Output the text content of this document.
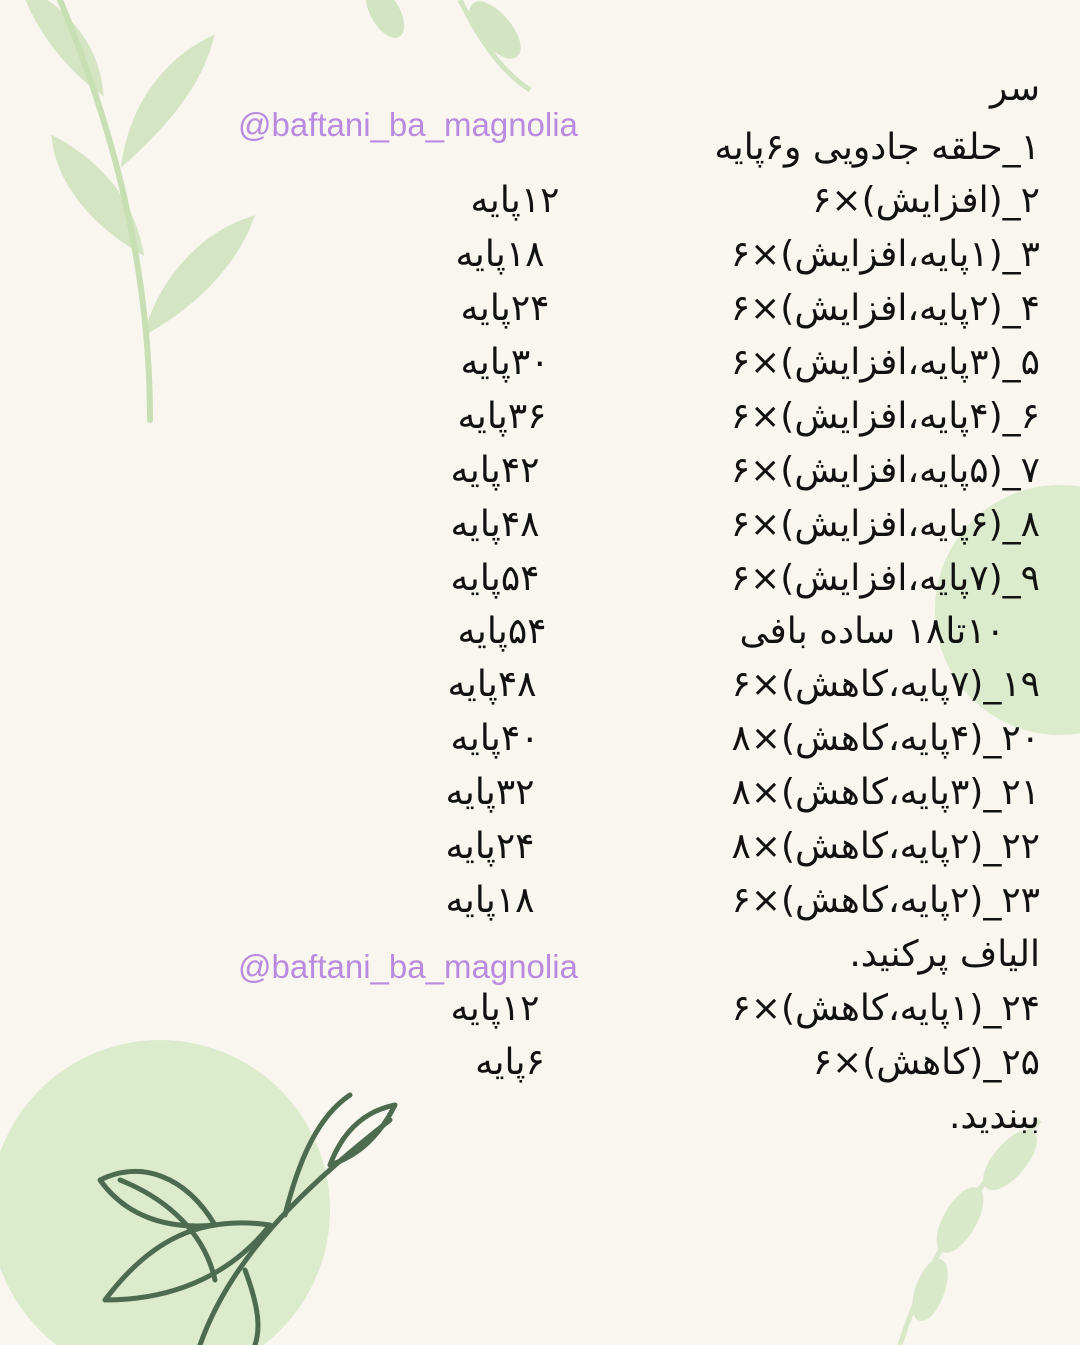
@baftani_ba_magnolia
@baftani_ba_magnolia
سر
۱_حلقه جادویی و۶پایه
۲_(افزایش)×۶
۱۲پایه
۳_(۱پایه،افزایش)×۶
۱۸پایه
۴_(۲پایه،افزایش)×۶
۲۴پایه
۵_(۳پایه،افزایش)×۶
۳۰پایه
۶_(۴پایه،افزایش)×۶
۳۶پایه
۷_(۵پایه،افزایش)×۶
۴۲پایه
۸_(۶پایه،افزایش)×۶
۴۸پایه
۹_(۷پایه،افزایش)×۶
۵۴پایه
۱۰تا۱۸ ساده بافی
۵۴پایه
۱۹_(۷پایه،کاهش)×۶
۴۸پایه
۲۰_(۴پایه،کاهش)×۸
۴۰پایه
۲۱_(۳پایه،کاهش)×۸
۳۲پایه
۲۲_(۲پایه،کاهش)×۸
۲۴پایه
۲۳_(۲پایه،کاهش)×۶
۱۸پایه
الیاف پرکنید.
۲۴_(۱پایه،کاهش)×۶
۱۲پایه
۲۵_(کاهش)×۶
۶پایه
ببندید.
